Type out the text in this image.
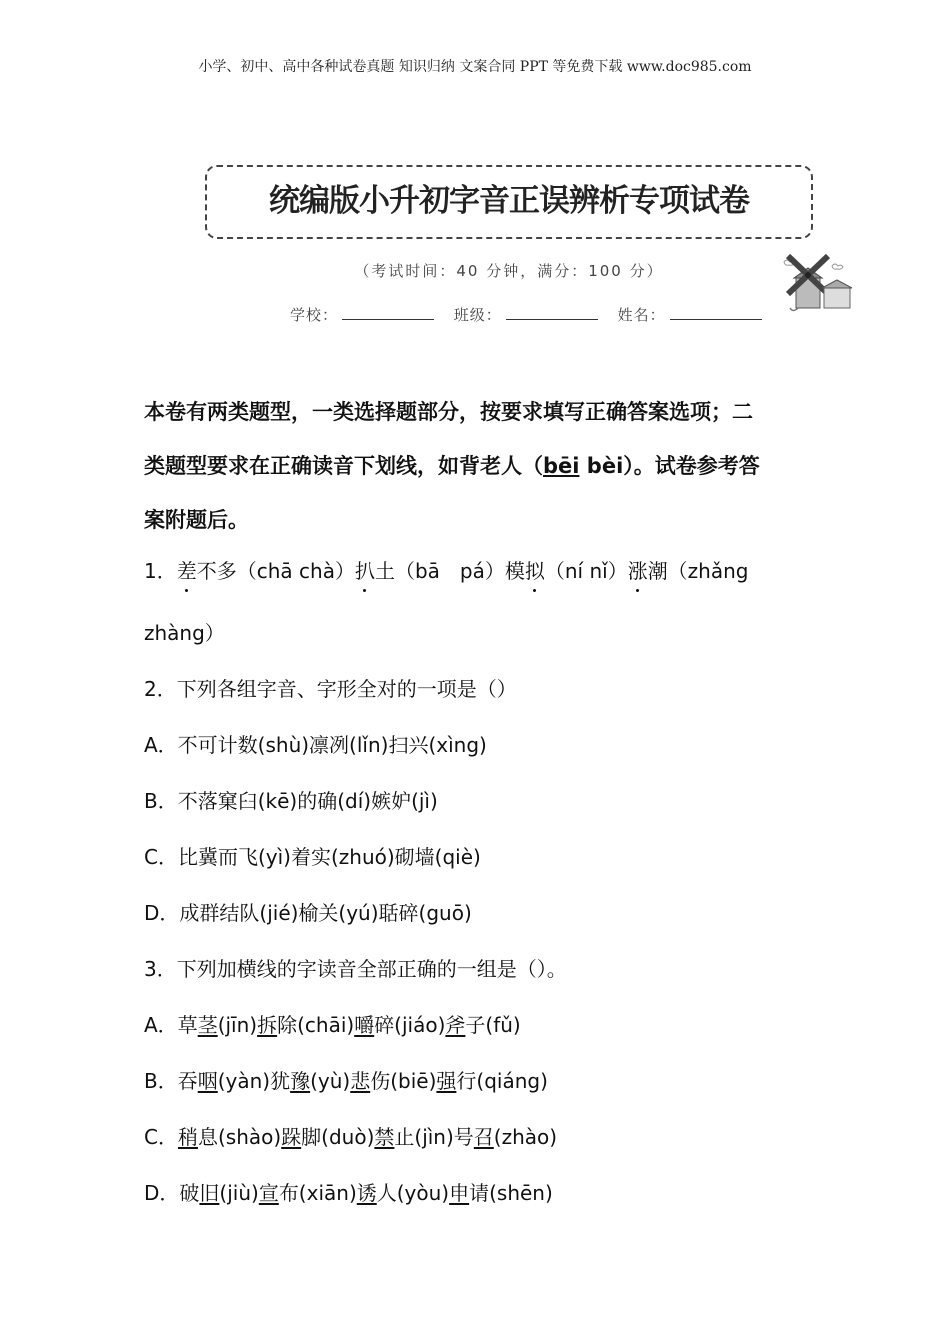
小学、初中、高中各种试卷真题 知识归纳 文案合同 PPT 等免费下载 www.doc985.com
统编版小升初字音正误辨析专项试卷
（考试时间：40 分钟，满分：100 分）
学校：	班级：	姓名：
本卷有两类题型，一类选择题部分，按要求填写正确答案选项；二
类题型要求在正确读音下划线，如背老人（bēi bèi）。试卷参考答
案附题后。
1．差不多（chā chà）扒土（bā　pá）模拟（ní nǐ）涨潮（zhǎng
zhàng）
2．下列各组字音、字形全对的一项是（）
A．不可计数(shù)凛冽(lǐn)扫兴(xìng)
B．不落窠臼(kē)的确(dí)嫉妒(jì)
C．比冀而飞(yì)着实(zhuó)砌墙(qiè)
D．成群结队(jié)榆关(yú)聒碎(guō)
3．下列加横线的字读音全部正确的一组是（）。
A．草茎(jīn)拆除(chāi)嚼碎(jiáo)斧子(fǔ)
B．吞咽(yàn)犹豫(yù)悲伤(biē)强行(qiáng)
C．稍息(shào)跺脚(duò)禁止(jìn)号召(zhào)
D．破旧(jiù)宣布(xiān)诱人(yòu)申请(shēn)
